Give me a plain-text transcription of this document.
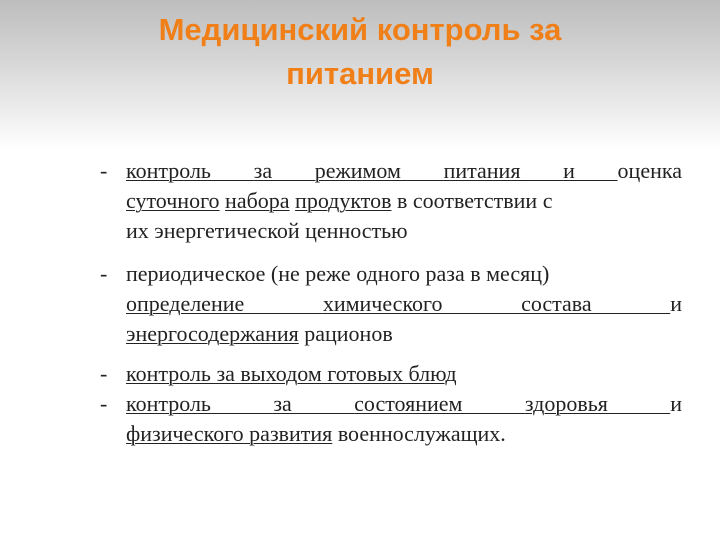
Медицинский контроль за
питанием
- контроль за режимом питания и оценка
суточного набора продуктов в соответствии с
их энергетической ценностью
- периодическое (не реже одного раза в месяц)
определение химического состава и
энергосодержания рационов
- контроль за выходом готовых блюд
- контроль за состоянием здоровья и
физического развития военнослужащих.
